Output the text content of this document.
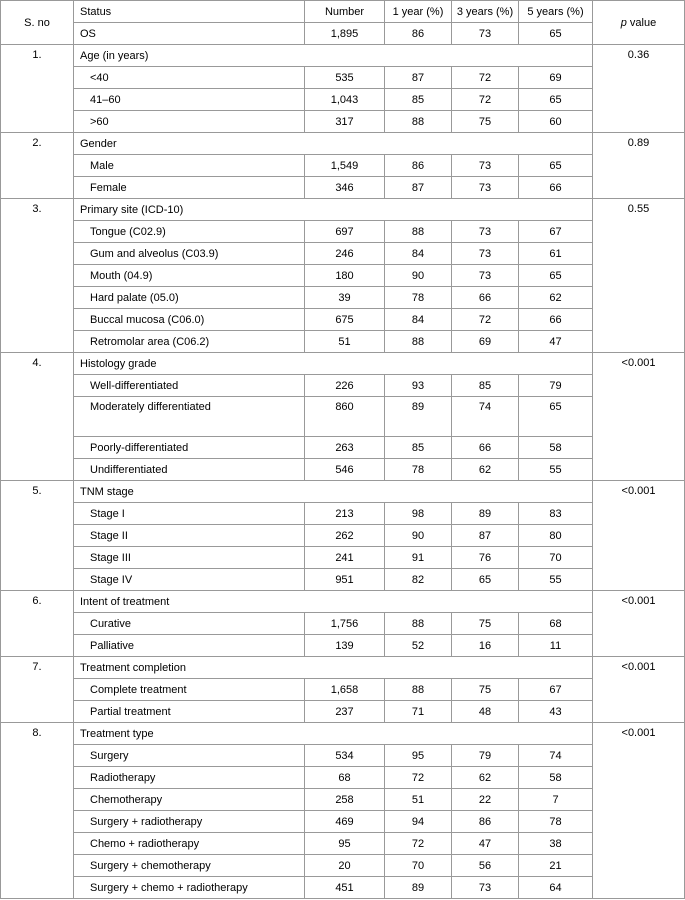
S. no	Status	Number	1 year (%)	3 years (%)	5 years (%)	p value
	OS	1,895	86	73	65	
1.	Age (in years)					0.36
	<40	535	87	72	69	
	41–60	1,043	85	72	65	
	>60	317	88	75	60	
2.	Gender					0.89
	Male	1,549	86	73	65	
	Female	346	87	73	66	
3.	Primary site (ICD-10)					0.55
	Tongue (C02.9)	697	88	73	67	
	Gum and alveolus (C03.9)	246	84	73	61	
	Mouth (04.9)	180	90	73	65	
	Hard palate (05.0)	39	78	66	62	
	Buccal mucosa (C06.0)	675	84	72	66	
	Retromolar area (C06.2)	51	88	69	47	
4.	Histology grade					<0.001
	Well-differentiated	226	93	85	79	
	Moderately differentiated	860	89	74	65	
	Poorly-differentiated	263	85	66	58	
	Undifferentiated	546	78	62	55	
5.	TNM stage					<0.001
	Stage I	213	98	89	83	
	Stage II	262	90	87	80	
	Stage III	241	91	76	70	
	Stage IV	951	82	65	55	
6.	Intent of treatment					<0.001
	Curative	1,756	88	75	68	
	Palliative	139	52	16	11	
7.	Treatment completion					<0.001
	Complete treatment	1,658	88	75	67	
	Partial treatment	237	71	48	43	
8.	Treatment type					<0.001
	Surgery	534	95	79	74	
	Radiotherapy	68	72	62	58	
	Chemotherapy	258	51	22	7	
	Surgery + radiotherapy	469	94	86	78	
	Chemo + radiotherapy	95	72	47	38	
	Surgery + chemotherapy	20	70	56	21	
	Surgery + chemo + radiotherapy	451	89	73	64	
